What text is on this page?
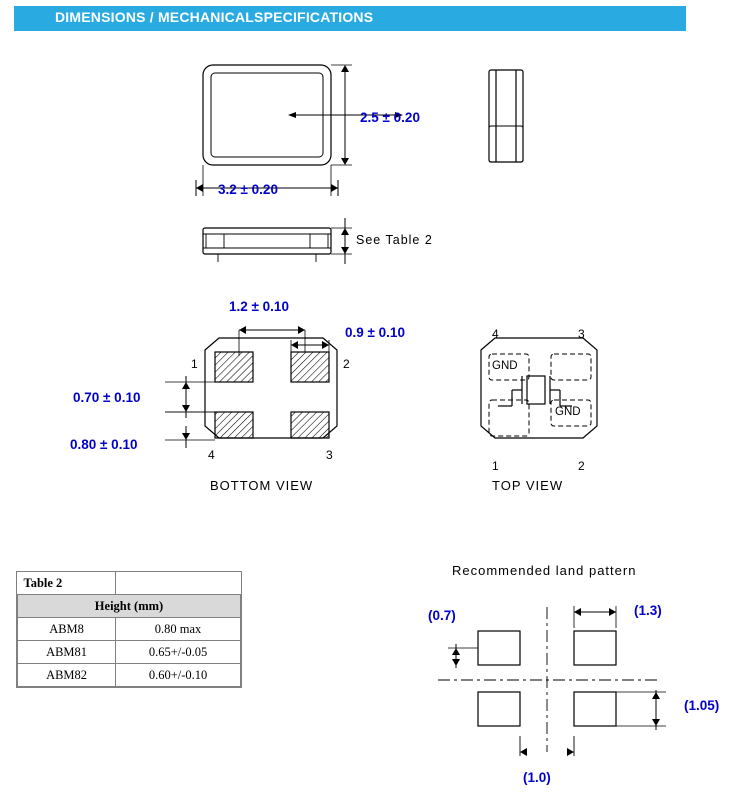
DIMENSIONS / MECHANICALSPECIFICATIONS
2.5 ± 0.20
3.2 ± 0.20
See Table 2
1.2 ± 0.10
0.9 ± 0.10
0.70 ± 0.10
0.80 ± 0.10
1	2
4	3
BOTTOM VIEW
4	3
1	2
GND
GND
TOP VIEW
Table 2	
Height (mm)	
ABM8	0.80 max
ABM81	0.65+/-0.05
ABM82	0.60+/-0.10
Recommended land pattern
(0.7)	(1.3)
(1.05)
(1.0)
